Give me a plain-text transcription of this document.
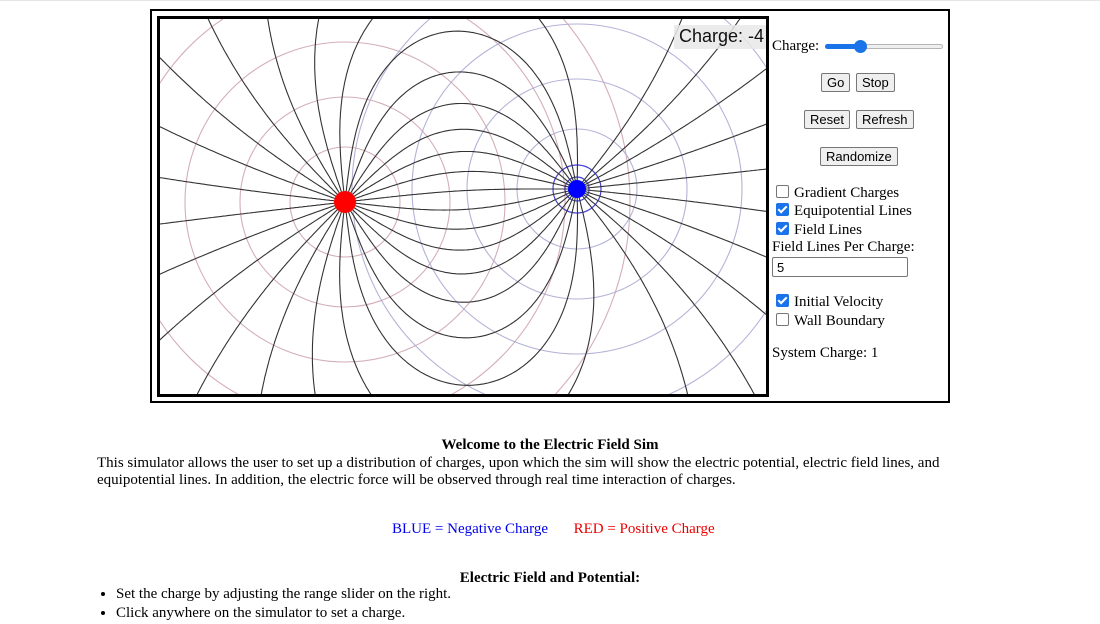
Charge: -4 Charge:
Go	Stop
Reset	Refresh
Randomize
Gradient Charges
Equipotential Lines
Field Lines
Field Lines Per Charge:
5
Initial Velocity
Wall Boundary
System Charge: 1
Welcome to the Electric Field Sim
This simulator allows the user to set up a distribution of charges, upon which the sim will show the electric potential, electric field lines, and equipotential lines. In addition, the electric force will be observed through real time interaction of charges.
BLUE = Negative Charge RED = Positive Charge
Electric Field and Potential:
• Set the charge by adjusting the range slider on the right.
• Click anywhere on the simulator to set a charge.
